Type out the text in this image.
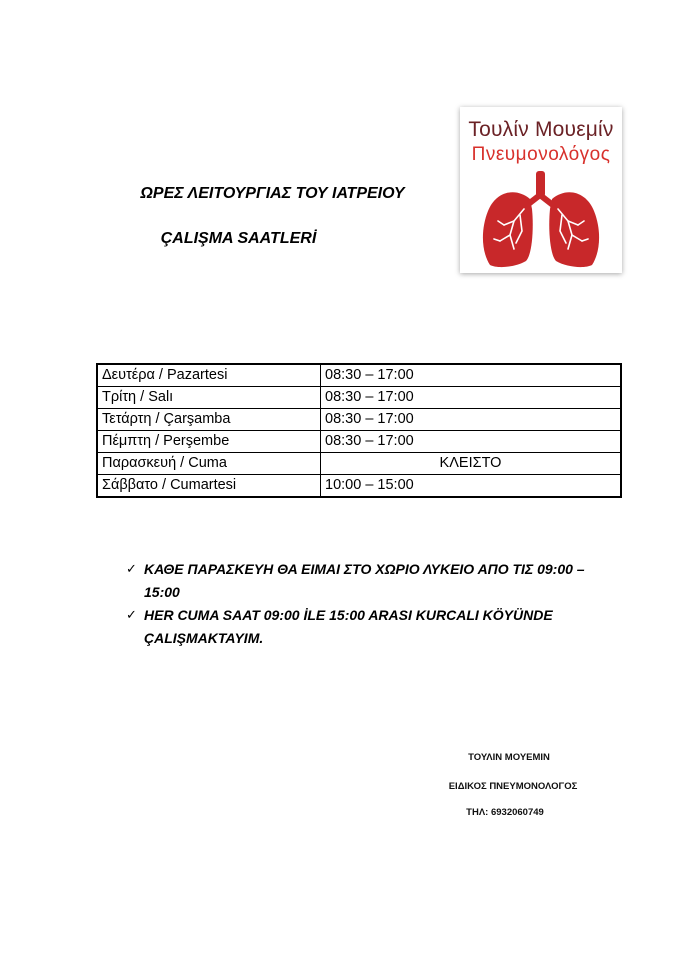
ΩΡΕΣ ΛΕΙΤΟΥΡΓΙΑΣ ΤΟΥ ΙΑΤΡΕΙΟΥ
ÇALIŞMA SAATLERİ
Τουλίν Μουεμίν
Πνευμονολόγος
Δευτέρα / Pazartesi	08:30 – 17:00
Τρίτη / Salı	08:30 – 17:00
Τετάρτη / Çarşamba	08:30 – 17:00
Πέμπτη / Perşembe	08:30 – 17:00
Παρασκευή / Cuma	ΚΛΕΙΣΤΟ
Σάββατο / Cumartesi	10:00 – 15:00
✓ ΚΑΘΕ ΠΑΡΑΣΚΕΥΗ ΘΑ ΕΙΜΑΙ ΣΤΟ ΧΩΡΙΟ ΛΥΚΕΙΟ ΑΠΟ ΤΙΣ 09:00 – 15:00
✓ HER CUMA SAAT 09:00 İLE 15:00 ARASI KURCALI KÖYÜNDE ÇALIŞMAKTAYIM.
ΤΟΥΛΙΝ ΜΟΥΕΜΙΝ
ΕΙΔΙΚΟΣ ΠΝΕΥΜΟΝΟΛΟΓΟΣ
ΤΗΛ: 6932060749
